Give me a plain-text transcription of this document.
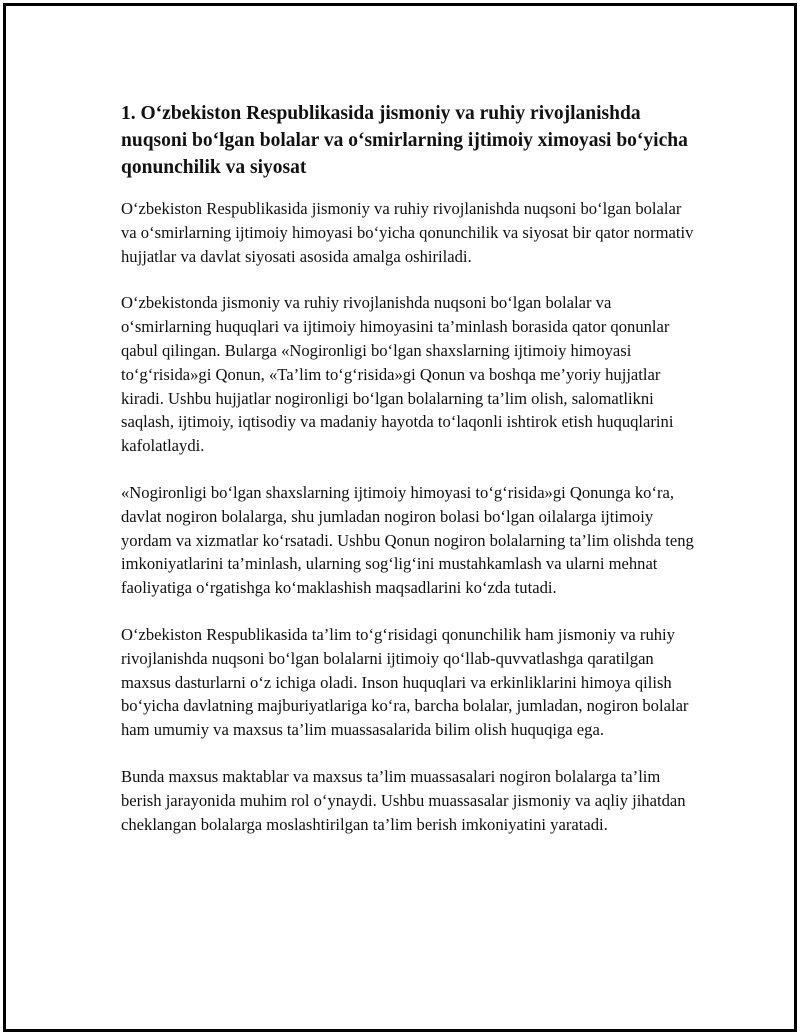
1. O‘zbekiston Respublikasida jismoniy va ruhiy rivojlanishda nuqsoni bo‘lgan bolalar va o‘smirlarning ijtimoiy ximoyasi bo‘yicha qonunchilik va siyosat

O‘zbekiston Respublikasida jismoniy va ruhiy rivojlanishda nuqsoni bo‘lgan bolalar va o‘smirlarning ijtimoiy himoyasi bo‘yicha qonunchilik va siyosat bir qator normativ hujjatlar va davlat siyosati asosida amalga oshiriladi.

O‘zbekistonda jismoniy va ruhiy rivojlanishda nuqsoni bo‘lgan bolalar va o‘smirlarning huquqlari va ijtimoiy himoyasini ta’minlash borasida qator qonunlar qabul qilingan. Bularga «Nogironligi bo‘lgan shaxslarning ijtimoiy himoyasi to‘g‘risida»gi Qonun, «Ta’lim to‘g‘risida»gi Qonun va boshqa me’yoriy hujjatlar kiradi. Ushbu hujjatlar nogironligi bo‘lgan bolalarning ta’lim olish, salomatlikni saqlash, ijtimoiy, iqtisodiy va madaniy hayotda to‘laqonli ishtirok etish huquqlarini kafolatlaydi.

«Nogironligi bo‘lgan shaxslarning ijtimoiy himoyasi to‘g‘risida»gi Qonunga ko‘ra, davlat nogiron bolalarga, shu jumladan nogiron bolasi bo‘lgan oilalarga ijtimoiy yordam va xizmatlar ko‘rsatadi. Ushbu Qonun nogiron bolalarning ta’lim olishda teng imkoniyatlarini ta’minlash, ularning sog‘lig‘ini mustahkamlash va ularni mehnat faoliyatiga o‘rgatishga ko‘maklashish maqsadlarini ko‘zda tutadi.

O‘zbekiston Respublikasida ta’lim to‘g‘risidagi qonunchilik ham jismoniy va ruhiy rivojlanishda nuqsoni bo‘lgan bolalarni ijtimoiy qo‘llab-quvvatlashga qaratilgan maxsus dasturlarni o‘z ichiga oladi. Inson huquqlari va erkinliklarini himoya qilish bo‘yicha davlatning majburiyatlariga ko‘ra, barcha bolalar, jumladan, nogiron bolalar ham umumiy va maxsus ta’lim muassasalarida bilim olish huquqiga ega.

Bunda maxsus maktablar va maxsus ta’lim muassasalari nogiron bolalarga ta’lim berish jarayonida muhim rol o‘ynaydi. Ushbu muassasalar jismoniy va aqliy jihatdan cheklangan bolalarga moslashtirilgan ta’lim berish imkoniyatini yaratadi.
